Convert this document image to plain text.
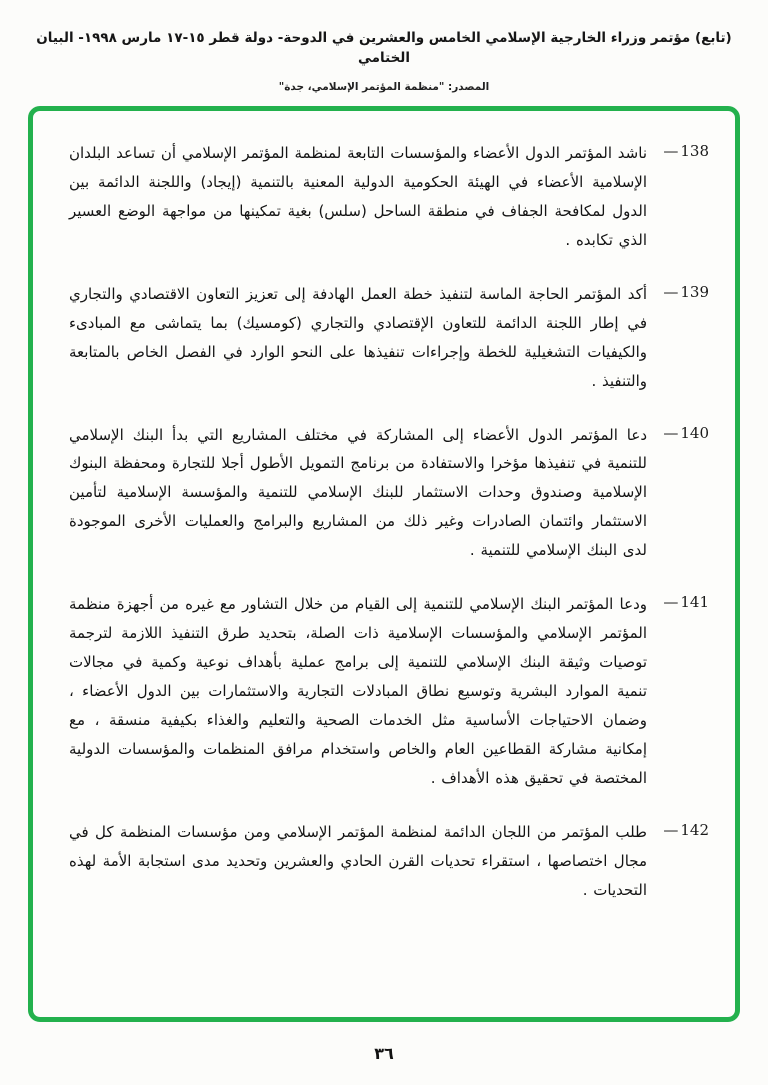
(تابع) مؤتمر وزراء الخارجية الإسلامي الخامس والعشرين في الدوحة- دولة قطر ١٥-١٧ مارس ١٩٩٨- البيان الختامي
المصدر: "منظمة المؤتمر الإسلامي، جدة"
138
—
ناشد المؤتمر الدول الأعضاء والمؤسسات التابعة لمنظمة المؤتمر الإسلامي أن تساعد البلدان الإسلامية الأعضاء في الهيئة الحكومية الدولية المعنية بالتنمية (إيجاد) واللجنة الدائمة بين الدول لمكافحة الجفاف في منطقة الساحل (سلس) بغية تمكينها من مواجهة الوضع العسير الذي تكابده .
139
—
أكد المؤتمر الحاجة الماسة لتنفيذ خطة العمل الهادفة إلى تعزيز التعاون الاقتصادي والتجاري في إطار اللجنة الدائمة للتعاون الإقتصادي والتجاري (كومسيك) بما يتماشى مع المبادىء والكيفيات التشغيلية للخطة وإجراءات تنفيذها على النحو الوارد في الفصل الخاص بالمتابعة والتنفيذ .
140
—
دعا المؤتمر الدول الأعضاء إلى المشاركة في مختلف المشاريع التي بدأ البنك الإسلامي للتنمية في تنفيذها مؤخرا والاستفادة من برنامج التمويل الأطول أجلا للتجارة ومحفظة البنوك الإسلامية وصندوق وحدات الاستثمار للبنك الإسلامي للتنمية والمؤسسة الإسلامية لتأمين الاستثمار وائتمان الصادرات وغير ذلك من المشاريع والبرامج والعمليات الأخرى الموجودة لدى البنك الإسلامي للتنمية .
141
—
ودعا المؤتمر البنك الإسلامي للتنمية إلى القيام من خلال التشاور مع غيره من أجهزة منظمة المؤتمر الإسلامي والمؤسسات الإسلامية ذات الصلة، بتحديد طرق التنفيذ اللازمة لترجمة توصيات وثيقة البنك الإسلامي للتنمية إلى برامج عملية بأهداف نوعية وكمية في مجالات تنمية الموارد البشرية وتوسيع نطاق المبادلات التجارية والاستثمارات بين الدول الأعضاء ، وضمان الاحتياجات الأساسية مثل الخدمات الصحية والتعليم والغذاء بكيفية منسقة ، مع إمكانية مشاركة القطاعين العام والخاص واستخدام مرافق المنظمات والمؤسسات الدولية المختصة في تحقيق هذه الأهداف .
142
—
طلب المؤتمر من اللجان الدائمة لمنظمة المؤتمر الإسلامي ومن مؤسسات المنظمة كل في مجال اختصاصها ، استقراء تحديات القرن الحادي والعشرين وتحديد مدى استجابة الأمة لهذه التحديات .
٣٦
